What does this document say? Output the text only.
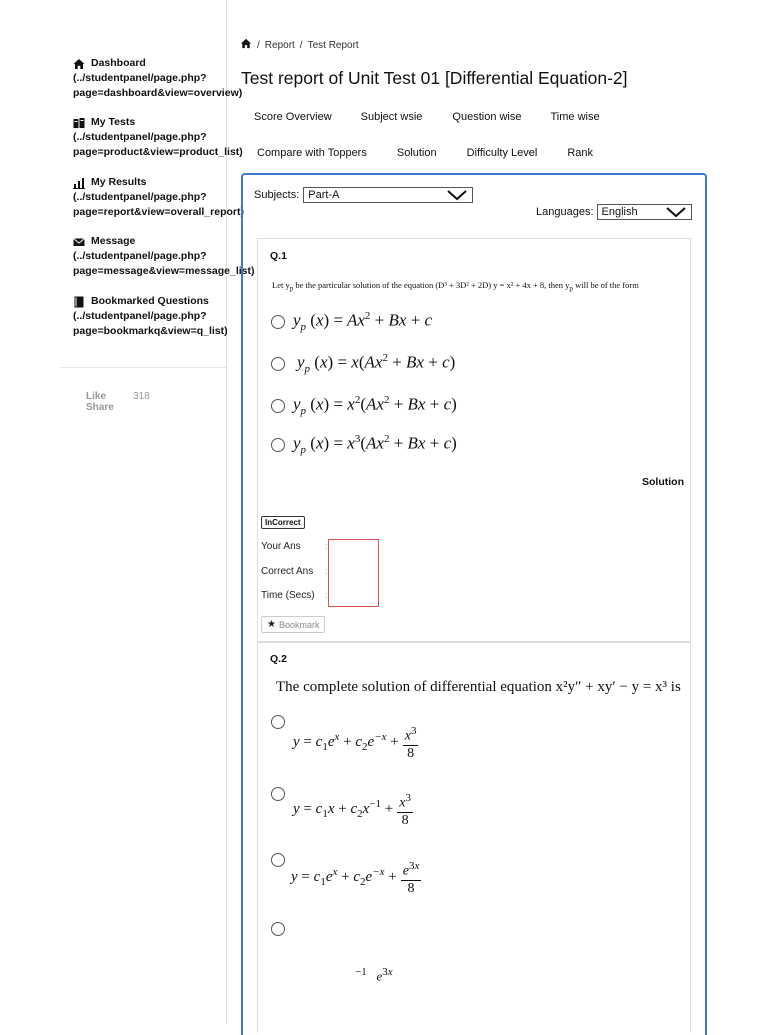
Dashboard
(../studentpanel/page.php? page=dashboard&view=overview)
My Tests
(../studentpanel/page.php? page=product&view=product_list)
My Results
(../studentpanel/page.php? page=report&view=overall_report)
Message
(../studentpanel/page.php? page=message&view=message_list)
Bookmarked Questions
(../studentpanel/page.php? page=bookmarkq&view=q_list)
Like	318 Share
/ Report / Test Report
Test report of Unit Test 01 [Differential Equation-2]
Score Overview	Subject wsie	Question wise	Time wise
Compare with Toppers	Solution	Difficulty Level	Rank
Subjects: Part-A
Languages: English
Q.1
Let $y_p$ be the particular solution of the equation (D³ + 3D² + 2D) y = x² + 4x + 8, then $y_p$ will be of the form
$y_p$ $(x) = Ax^2 + Bx + c$
$y_p$ $(x) = x(Ax^2 + Bx + c)$
$y_p$ $(x) = x^2(Ax^2 + Bx + c)$
$y_p$ $(x) = x^3(Ax^2 + Bx + c)$
Solution
InCorrect
Your Ans
Correct Ans
Time (Secs)
:
:
:
★ Bookmark
Q.2
The complete solution of differential equation x²y″ + xy′ − y = x³ is
$y = c_1e^x + c_2e^{-x} + \frac{x^3}{8}$
$y = c_1x + c_2x^{-1} + \frac{x^3}{8}$
$y = c_1e^x + c_2e^{-x} + \frac{e^{3x}}{8}$
$^{-1}$   $e^{3x}$
